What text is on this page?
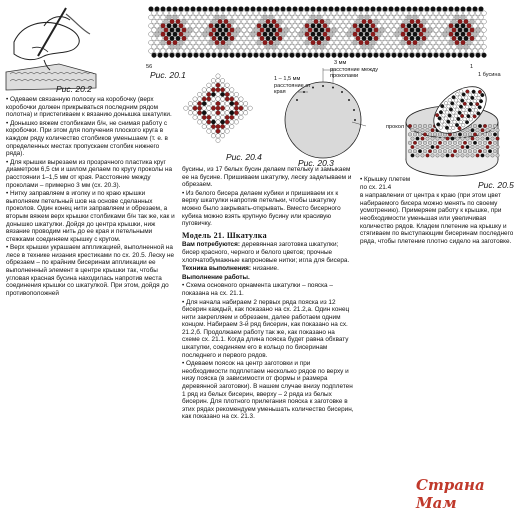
Рис. 20.2
56	1
1 бусина
Рис. 20.1
Рис. 20.4
3 мм
расстояние между проколами
1 – 1,5 мм
расстояние от края
прокол
Рис. 20.3
Рис. 20.5

• Одеваем связанную полоску на коробочку (верх коробочки должен прикрываться последним рядом полотна) и пристегиваем к вязанию донышка шкатулки.

• Донышко вяжем столбиками б/н, не снимая работу с коробочки. При этом для получения плоского круга в каждом ряду количество столбиков уменьшаем (т. е. в определенных местах пропускаем столбик нижнего ряда).

• Для крышки вырезаем из прозрачного пластика круг диаметром 6,5 см и шилом делаем по кругу проколы на расстоянии 1–1,5 мм от края. Расстояние между проколами – примерно 3 мм (сх. 20.3).

• Нитку заправляем в иголку и по краю крышки выполняем петельный шов на основе сделанных проколов. Один конец нити заправляем и обрезаем, а вторым вяжем верх крышки столбиками б/н так же, как и донышко шкатулки. Дойдя до центра крышки, ниж вязание проводим нить до ее края и петельными стежками соединяем крышку с кругом.

• Верх крышки украшаем аппликацией, выполненной на лесе в технике низания крестиками по сх. 20.5. Леску не обрезаем – по крайним бисеринам аппликации ее выполненный элемент в центре крышки так, чтобы угловая красная бусина находилась напротив места соединения крышки со шкатулкой. При этом, дойдя до противоположней

бусины, из 17 белых бусин делаем петельку и замыкаем ее на бусине. Пришиваем шкатулку, леску заделываем и обрезаем.

• Из белого бисера делаем кубики и пришиваем их к верху шкатулки напротив петельки, чтобы шкатулку можно было закрывать-открывать. Вместо бисерного кубика можно взять крупную бусину или красивую пуговичку.

Модель 21. Шкатулка

Вам потребуются: деревянная заготовка шкатулки; бисер красного, черного и белого цветов; прочные хлопчатобумажные капроновые нитки; игла для бисера.

Техника выполнения: низание.

Выполнение работы.

• Схема основного орнамента шкатулки – пояска – показана на сх. 21.1.

• Для начала набираем 2 первых ряда пояска из 12 бисерин каждый, как показано на сх. 21.2,а. Один конец нити закрепляем и обрезаем, далее работаем одним концом. Набираем 3-й ряд бисерин, как показано на сх. 21.2,б. Продолжаем работу так же, как показано на схеме сх. 21.1. Когда длина пояска будет равна обхвату шкатулки, соединяем его в кольцо по бисеринам последнего и первого рядов.

• Одеваем поясок на центр заготовки и при необходимости подплетаем несколько рядов по верху и низу пояска (в зависимости от формы и размера деревянной заготовки). В нашем случае внизу подплетен 1 ряд из белых бисерин, вверху – 2 ряда из белых бисерин. Для плотного прилегания пояска к заготовке в этих рядах рекомендуем уменьшать количество бисерин, как показано на сх. 21.3.

• Крышку плетем по сх. 21.4

в направлении от центра к краю (при этом цвет набираемого бисера можно менять по своему усмотрению). Примеряем работу к крышке, при необходимости уменьшая или увеличивая количество рядов. Кладем плетение на крышку и стягиваем по выступающим бисеринам последнего ряда, чтобы плетение плотно сидело на заготовке.

Страна Мам
